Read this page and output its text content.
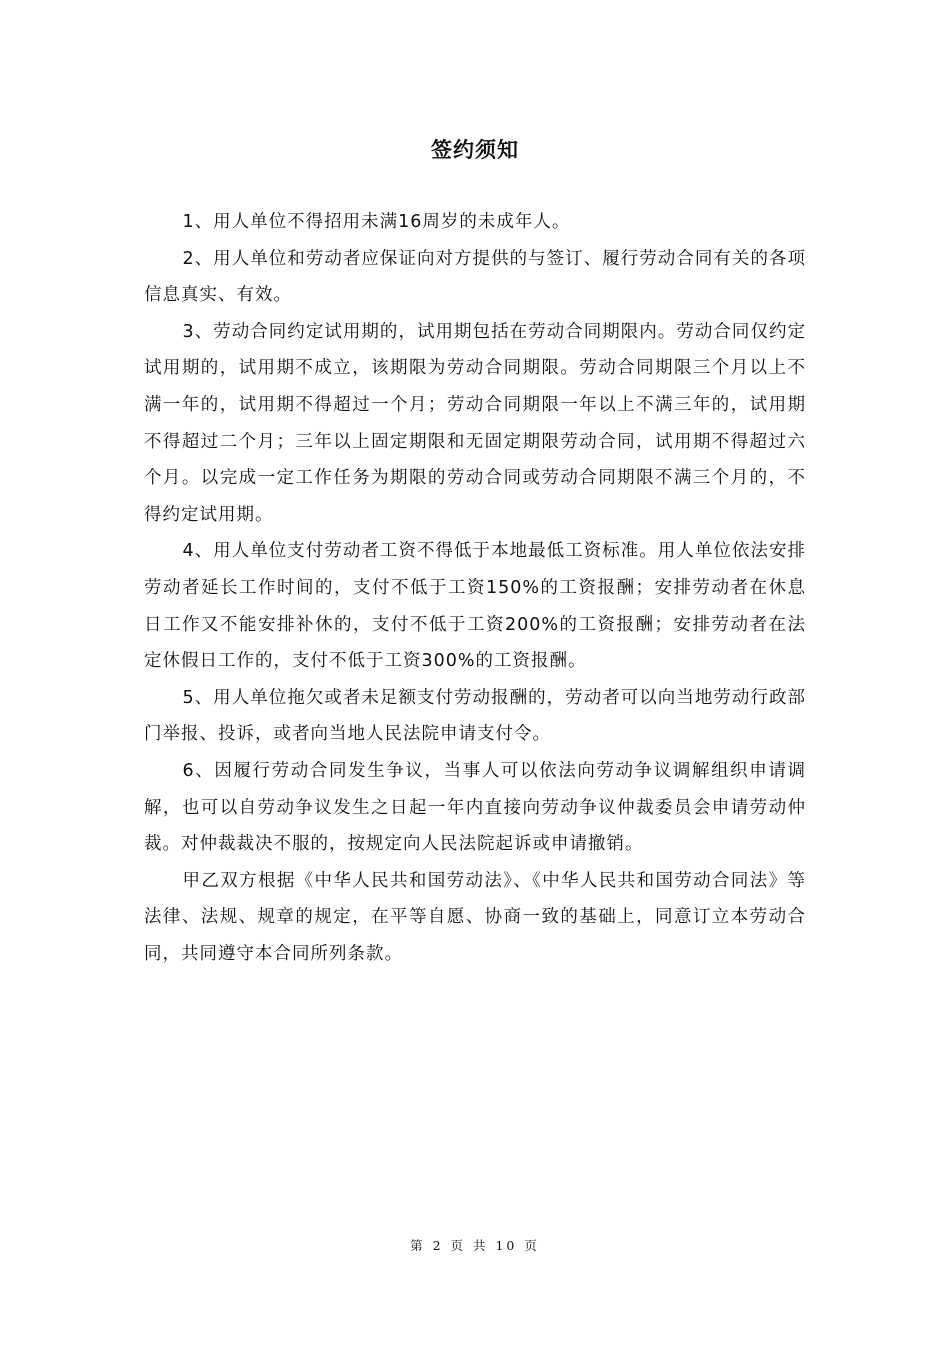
签约须知

1、用人单位不得招用未满16周岁的未成年人。

2、用人单位和劳动者应保证向对方提供的与签订、履行劳动合同有关的各项信息真实、有效。

3、劳动合同约定试用期的，试用期包括在劳动合同期限内。劳动合同仅约定试用期的，试用期不成立，该期限为劳动合同期限。劳动合同期限三个月以上不满一年的，试用期不得超过一个月；劳动合同期限一年以上不满三年的，试用期不得超过二个月；三年以上固定期限和无固定期限劳动合同，试用期不得超过六个月。以完成一定工作任务为期限的劳动合同或劳动合同期限不满三个月的，不得约定试用期。

4、用人单位支付劳动者工资不得低于本地最低工资标准。用人单位依法安排劳动者延长工作时间的，支付不低于工资150%的工资报酬；安排劳动者在休息日工作又不能安排补休的，支付不低于工资200%的工资报酬；安排劳动者在法定休假日工作的，支付不低于工资300%的工资报酬。

5、用人单位拖欠或者未足额支付劳动报酬的，劳动者可以向当地劳动行政部门举报、投诉，或者向当地人民法院申请支付令。

6、因履行劳动合同发生争议，当事人可以依法向劳动争议调解组织申请调解，也可以自劳动争议发生之日起一年内直接向劳动争议仲裁委员会申请劳动仲裁。对仲裁裁决不服的，按规定向人民法院起诉或申请撤销。

甲乙双方根据《中华人民共和国劳动法》、《中华人民共和国劳动合同法》等法律、法规、规章的规定，在平等自愿、协商一致的基础上，同意订立本劳动合同，共同遵守本合同所列条款。

第 2 页 共 10 页
